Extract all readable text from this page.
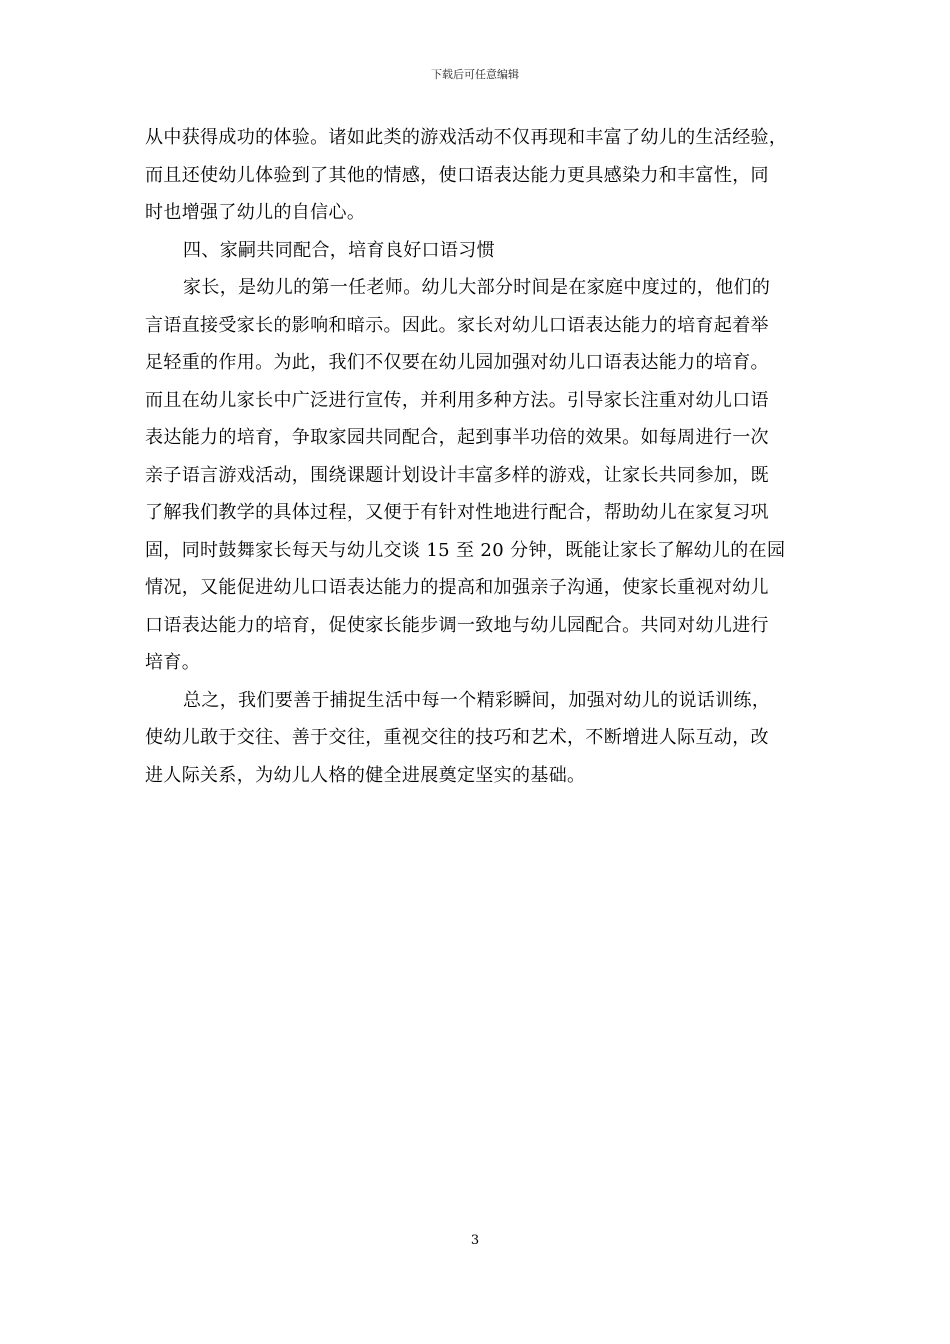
下载后可任意编辑

从中获得成功的体验。诸如此类的游戏活动不仅再现和丰富了幼儿的生活经验，
而且还使幼儿体验到了其他的情感，使口语表达能力更具感染力和丰富性，同
时也增强了幼儿的自信心。

四、家嗣共同配合，培育良好口语习惯

家长，是幼儿的第一任老师。幼儿大部分时间是在家庭中度过的，他们的
言语直接受家长的影响和暗示。因此。家长对幼儿口语表达能力的培育起着举
足轻重的作用。为此，我们不仅要在幼儿园加强对幼儿口语表达能力的培育。
而且在幼儿家长中广泛进行宣传，并利用多种方法。引导家长注重对幼儿口语
表达能力的培育，争取家园共同配合，起到事半功倍的效果。如每周进行一次
亲子语言游戏活动，围绕课题计划设计丰富多样的游戏，让家长共同参加，既
了解我们教学的具体过程，又便于有针对性地进行配合，帮助幼儿在家复习巩
固，同时鼓舞家长每天与幼儿交谈 15 至 20 分钟，既能让家长了解幼儿的在园
情况，又能促进幼儿口语表达能力的提高和加强亲子沟通，使家长重视对幼儿
口语表达能力的培育，促使家长能步调一致地与幼儿园配合。共同对幼儿进行
培育。

总之，我们要善于捕捉生活中每一个精彩瞬间，加强对幼儿的说话训练，
使幼儿敢于交往、善于交往，重视交往的技巧和艺术，不断增进人际互动，改
进人际关系，为幼儿人格的健全进展奠定坚实的基础。

3
